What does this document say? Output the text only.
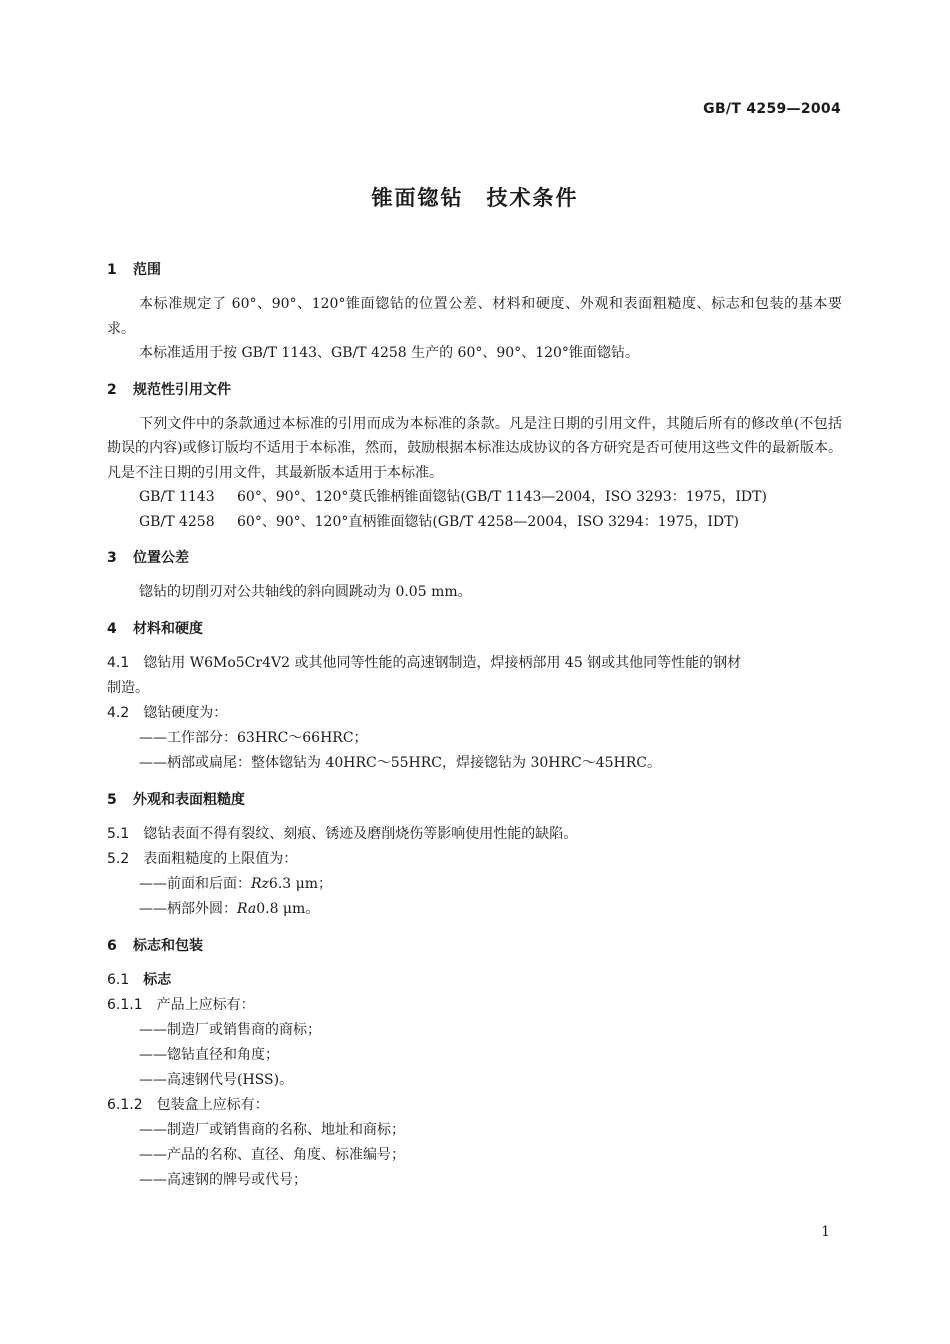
GB/T 4259—2004
锥面锪钻　技术条件
1 范围
本标准规定了 60°、90°、120°锥面锪钻的位置公差、材料和硬度、外观和表面粗糙度、标志和包装的基本要求。
本标准适用于按 GB/T 1143、GB/T 4258 生产的 60°、90°、120°锥面锪钻。
2 规范性引用文件
下列文件中的条款通过本标准的引用而成为本标准的条款。凡是注日期的引用文件，其随后所有的修改单(不包括勘误的内容)或修订版均不适用于本标准，然而，鼓励根据本标准达成协议的各方研究是否可使用这些文件的最新版本。凡是不注日期的引用文件，其最新版本适用于本标准。
GB/T 1143 60°、90°、120°莫氏锥柄锥面锪钻(GB/T 1143—2004，ISO 3293：1975，IDT)
GB/T 4258 60°、90°、120°直柄锥面锪钻(GB/T 4258—2004，ISO 3294：1975，IDT)
3 位置公差
锪钻的切削刃对公共轴线的斜向圆跳动为 0.05 mm。
4 材料和硬度
4.1 锪钻用 W6Mo5Cr4V2 或其他同等性能的高速钢制造，焊接柄部用 45 钢或其他同等性能的钢材
制造。
4.2 锪钻硬度为：
——工作部分：63HRC～66HRC；
——柄部或扁尾：整体锪钻为 40HRC～55HRC，焊接锪钻为 30HRC～45HRC。
5 外观和表面粗糙度
5.1 锪钻表面不得有裂纹、刻痕、锈迹及磨削烧伤等影响使用性能的缺陷。
5.2 表面粗糙度的上限值为：
——前面和后面：Rz6.3 μm；
——柄部外圆：Ra0.8 μm。
6 标志和包装
6.1 标志
6.1.1 产品上应标有：
——制造厂或销售商的商标；
——锪钻直径和角度；
——高速钢代号(HSS)。
6.1.2 包装盒上应标有：
——制造厂或销售商的名称、地址和商标；
——产品的名称、直径、角度、标准编号；
——高速钢的牌号或代号；
1
